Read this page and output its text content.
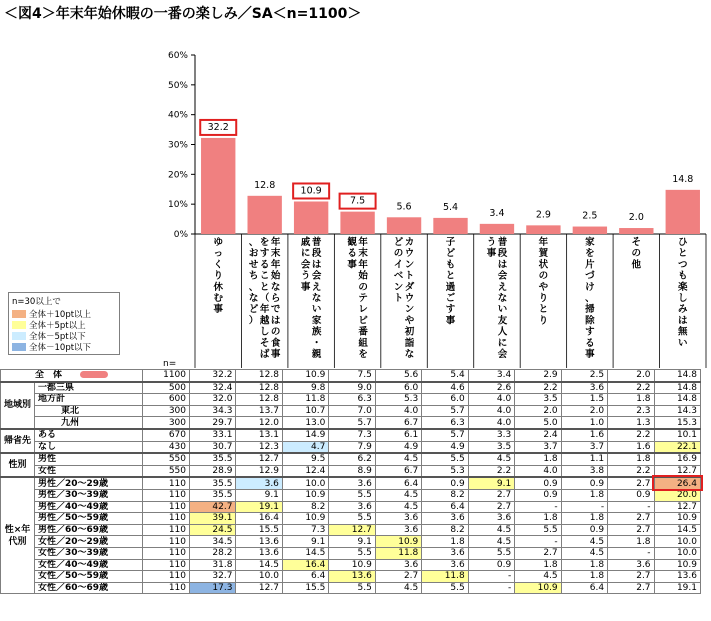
＜図4＞年末年始休暇の一番の楽しみ／SA＜n=1100＞
0%
10%
20%
30%
40%
50%
60%
n=
32.2
12.8
10.9
7.5
5.6	5.4
3.4	2.9	2.5	2.0
14.8
ゆっくり休む事
年末年始ならではの食事をすること（年越しそば、おせち、など）
普段は会えない家族・親戚に会う事
年末年始のテレビ番組を観る事
カウントダウンや初詣などのイベント
子どもと過ごす事
普段は会えない友人に会う事
年賀状のやりとり
家を片づけ、掃除する事
その他
ひとつも楽しみは無い
n=30以上で
全体＋10pt以上
全体＋5pt以上
全体－5pt以下
全体－10pt以下
全　体		1100	32.2	12.8	10.9	7.5	5.6	5.4	3.4	2.9	2.5	2.0	14.8
地域別	一都三県	500	32.4	12.8	9.8	9.0	6.0	4.6	2.6	2.2	3.6	2.2	14.8
	地方計	600	32.0	12.8	11.8	6.3	5.3	6.0	4.0	3.5	1.5	1.8	14.8
	東北	300	34.3	13.7	10.7	7.0	4.0	5.7	4.0	2.0	2.0	2.3	14.3
	九州	300	29.7	12.0	13.0	5.7	6.7	6.3	4.0	5.0	1.0	1.3	15.3
帰省先	ある	670	33.1	13.1	14.9	7.3	6.1	5.7	3.3	2.4	1.6	2.2	10.1
	なし	430	30.7	12.3	4.7	7.9	4.9	4.9	3.5	3.7	3.7	1.6	22.1
性別	男性	550	35.5	12.7	9.5	6.2	4.5	5.5	4.5	1.8	1.1	1.8	16.9
	女性	550	28.9	12.9	12.4	8.9	6.7	5.3	2.2	4.0	3.8	2.2	12.7
性×年代別	男性／20～29歳	110	35.5	3.6	10.0	3.6	6.4	0.9	9.1	0.9	0.9	2.7	26.4
	男性／30～39歳	110	35.5	9.1	10.9	5.5	4.5	8.2	2.7	0.9	1.8	0.9	20.0
	男性／40～49歳	110	42.7	19.1	8.2	3.6	4.5	6.4	2.7	-	-	-	12.7
	男性／50～59歳	110	39.1	16.4	10.9	5.5	3.6	3.6	3.6	1.8	1.8	2.7	10.9
	男性／60～69歳	110	24.5	15.5	7.3	12.7	3.6	8.2	4.5	5.5	0.9	2.7	14.5
	女性／20～29歳	110	34.5	13.6	9.1	9.1	10.9	1.8	4.5	-	4.5	1.8	10.0
	女性／30～39歳	110	28.2	13.6	14.5	5.5	11.8	3.6	5.5	2.7	4.5	-	10.0
	女性／40～49歳	110	31.8	14.5	16.4	10.9	3.6	3.6	0.9	1.8	1.8	3.6	10.9
	女性／50～59歳	110	32.7	10.0	6.4	13.6	2.7	11.8	-	4.5	1.8	2.7	13.6
	女性／60～69歳	110	17.3	12.7	15.5	5.5	4.5	5.5	-	10.9	6.4	2.7	19.1
